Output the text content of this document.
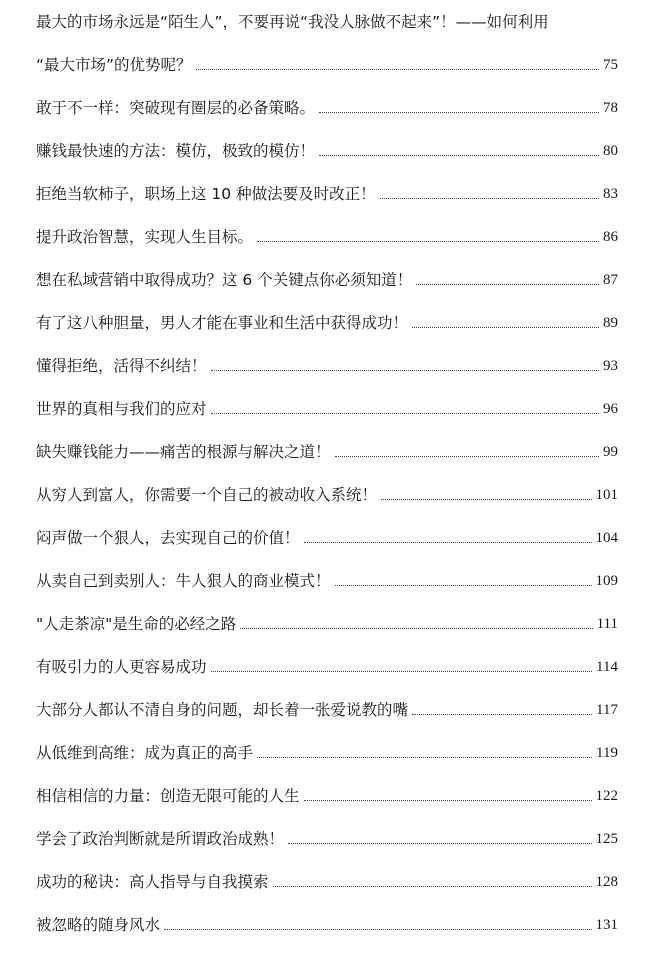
最大的市场永远是“陌生人”，不要再说“我没人脉做不起来”！——如何利用
“最大市场”的优势呢？	75
敢于不一样：突破现有圈层的必备策略。	78
赚钱最快速的方法：模仿，极致的模仿！	80
拒绝当软柿子，职场上这 10 种做法要及时改正！	83
提升政治智慧，实现人生目标。	86
想在私域营销中取得成功？这 6 个关键点你必须知道！	87
有了这八种胆量，男人才能在事业和生活中获得成功！	89
懂得拒绝，活得不纠结！	93
世界的真相与我们的应对	96
缺失赚钱能力——痛苦的根源与解决之道！	99
从穷人到富人，你需要一个自己的被动收入系统！	101
闷声做一个狠人，去实现自己的价值！	104
从卖自己到卖别人：牛人狠人的商业模式！	109
"人走茶凉"是生命的必经之路	111
有吸引力的人更容易成功	114
大部分人都认不清自身的问题，却长着一张爱说教的嘴	117
从低维到高维：成为真正的高手	119
相信相信的力量：创造无限可能的人生	122
学会了政治判断就是所谓政治成熟！	125
成功的秘诀：高人指导与自我摸索	128
被忽略的随身风水	131
